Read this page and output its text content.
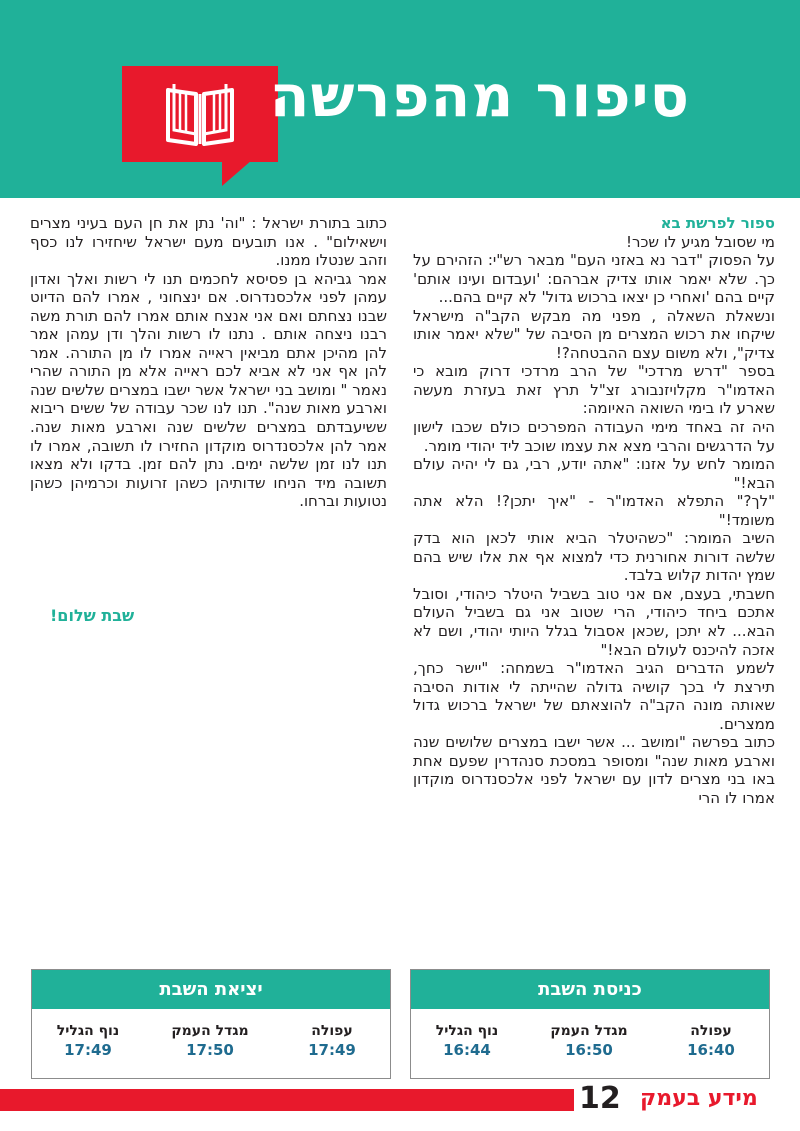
סיפור מהפרשה
ספור לפרשת בא
מי שסובל מגיע לו שכר!
על הפסוק "דבר נא באזני העם" מבאר רש"י: הזהירם על כך. שלא יאמר אותו צדיק אברהם: 'ועבדום ועינו אותם' קיים בהם 'ואחרי כן יצאו ברכוש גדול' לא קיים בהם...
ונשאלת השאלה , מפני מה מבקש הקב"ה מישראל שיקחו את רכוש המצרים מן הסיבה של "שלא יאמר אותו צדיק", ולא משום עצם ההבטחה?!
בספר "דרש מרדכי" של הרב מרדכי דרוק מובא כי האדמו"ר מקלויזנבורג זצ"ל תרץ זאת בעזרת מעשה שארע לו בימי השואה האיומה:
היה זה באחד מימי העבודה המפרכים כולם שכבו לישון על הדרגשים והרבי מצא את עצמו שוכב ליד יהודי מומר.
המומר לחש על אזנו: "אתה יודע, רבי, גם לי יהיה עולם הבא!"
"לך?" התפלא האדמו"ר - "איך יתכן?! הלא אתה משומד!"
השיב המומר: "כשהיטלר הביא אותי לכאן הוא בדק שלשה דורות אחורנית כדי למצוא אף את אלו שיש בהם שמץ יהדות קלוש בלבד.
חשבתי, בעצם, אם אני טוב בשביל היטלר כיהודי, וסובל אתכם ביחד כיהודי, הרי שטוב אני גם בשביל העולם הבא... לא יתכן ,שכאן אסבול בגלל היותי יהודי, ושם לא אזכה להיכנס לעולם הבא!"
לשמע הדברים הגיב האדמו"ר בשמחה: "יישר כחך, תירצת לי בכך קושיה גדולה שהייתה לי אודות הסיבה שאותה מונה הקב"ה להוצאתם של ישראל ברכוש גדול ממצרים.
כתוב בפרשה "ומושב ... אשר ישבו במצרים שלושים שנה וארבע מאות שנה" ומסופר במסכת סנהדרין שפעם אחת באו בני מצרים לדון עם ישראל לפני אלכסנדרוס מוקדון אמרו לו הרי
כתוב בתורת ישראל : "וה' נתן את חן העם בעיני מצרים וישאילום" . אנו תובעים מעם ישראל שיחזירו לנו כסף וזהב שנטלו ממנו.
אמר גביהא בן פסיסא לחכמים תנו לי רשות ואלך ואדון עמהן לפני אלכסנדרוס. אם ינצחוני , אמרו להם הדיוט שבנו נצחתם ואם אני אנצח אותם אמרו להם תורת משה רבנו ניצחה אותם . נתנו לו רשות והלך ודן עמהן אמר להן מהיכן אתם מביאין ראייה אמרו לו מן התורה. אמר להן אף אני לא אביא לכם ראייה אלא מן התורה שהרי נאמר " ומושב בני ישראל אשר ישבו במצרים שלשים שנה וארבע מאות שנה". תנו לנו שכר עבודה של ששים ריבוא ששיעבדתם במצרים שלשים שנה וארבע מאות שנה. אמר להן אלכסנדרוס מוקדון החזירו לו תשובה, אמרו לו תנו לנו זמן שלשה ימים. נתן להם זמן. בדקו ולא מצאו תשובה מיד הניחו שדותיהן כשהן זרועות וכרמיהן כשהן נטועות וברחו.
שבת שלום!
יציאת השבת
עפולה
17:49
מגדל העמק
17:50
נוף הגליל
17:49
כניסת השבת
עפולה
16:40
מגדל העמק
16:50
נוף הגליל
16:44
מידע בעמק
12
